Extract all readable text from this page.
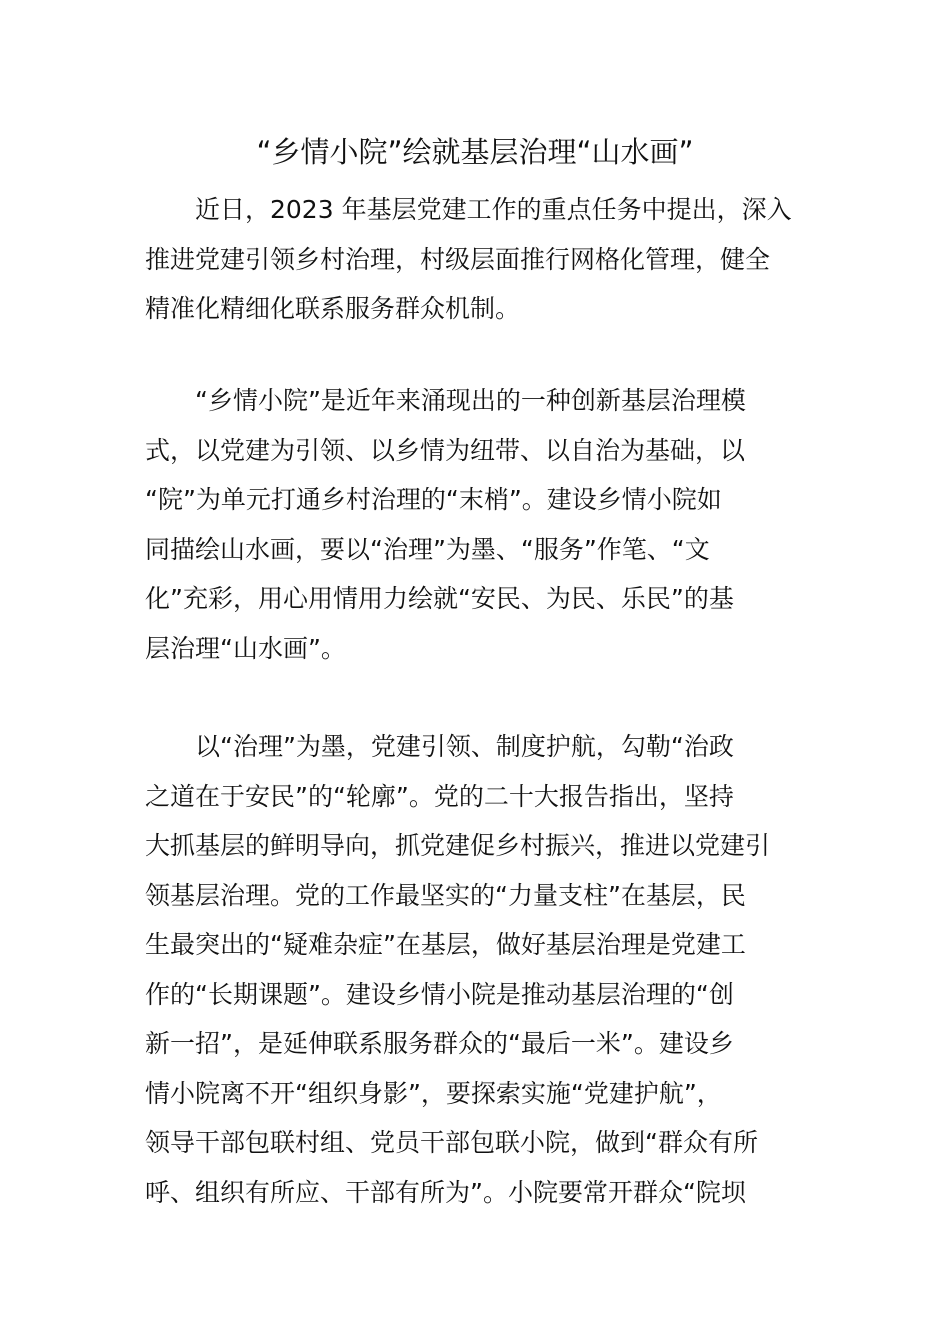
“乡情小院”绘就基层治理“山水画”
近日，2023 年基层党建工作的重点任务中提出，深入
推进党建引领乡村治理，村级层面推行网格化管理，健全
精准化精细化联系服务群众机制。
“乡情小院”是近年来涌现出的一种创新基层治理模
式，以党建为引领、以乡情为纽带、以自治为基础，以
“院”为单元打通乡村治理的“末梢”。建设乡情小院如
同描绘山水画，要以“治理”为墨、“服务”作笔、“文
化”充彩，用心用情用力绘就“安民、为民、乐民”的基
层治理“山水画”。
以“治理”为墨，党建引领、制度护航，勾勒“治政
之道在于安民”的“轮廓”。党的二十大报告指出，坚持
大抓基层的鲜明导向，抓党建促乡村振兴，推进以党建引
领基层治理。党的工作最坚实的“力量支柱”在基层，民
生最突出的“疑难杂症”在基层，做好基层治理是党建工
作的“长期课题”。建设乡情小院是推动基层治理的“创
新一招”，是延伸联系服务群众的“最后一米”。建设乡
情小院离不开“组织身影”，要探索实施“党建护航”，
领导干部包联村组、党员干部包联小院，做到“群众有所
呼、组织有所应、干部有所为”。小院要常开群众“院坝
